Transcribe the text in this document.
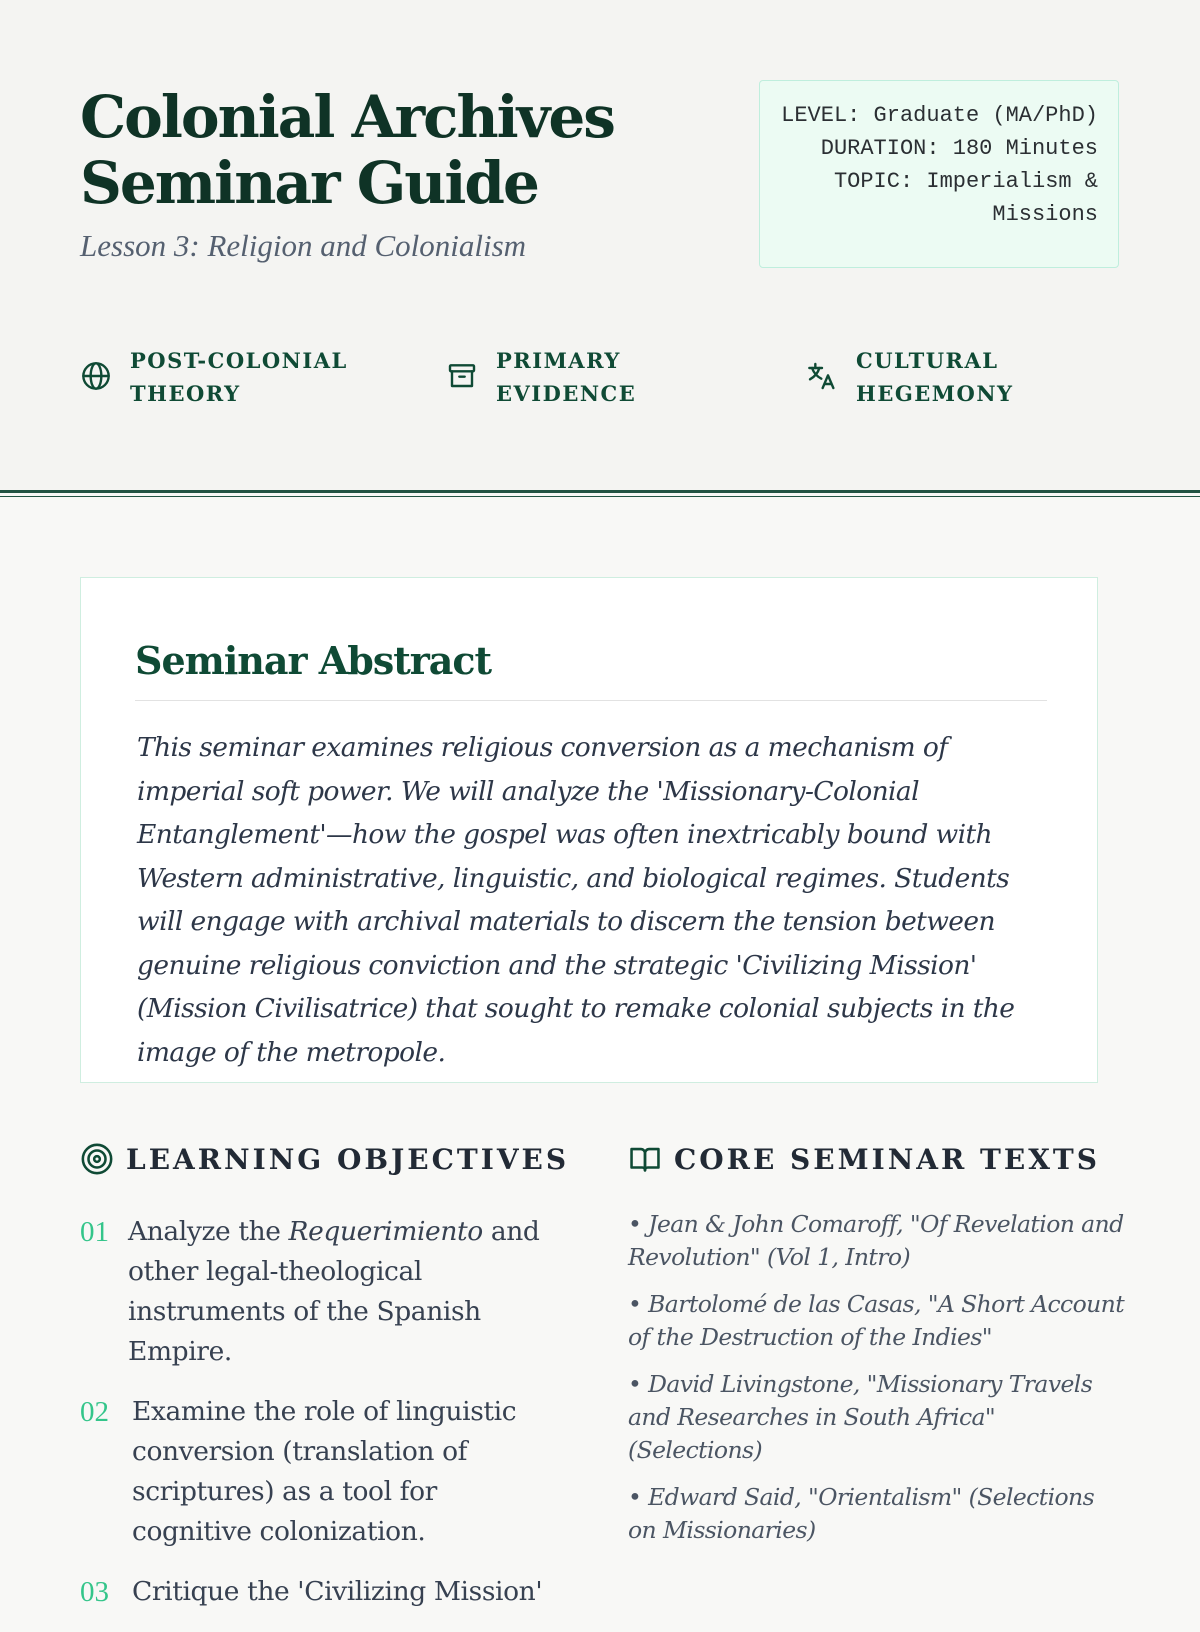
Colonial Archives
Seminar Guide
Lesson 3: Religion and Colonialism
LEVEL: Graduate (MA/PhD)
DURATION: 180 Minutes
TOPIC: Imperialism & Missions
POST-COLONIAL THEORY
PRIMARY EVIDENCE
CULTURAL HEGEMONY
Seminar Abstract

This seminar examines religious conversion as a mechanism of imperial soft power. We will analyze the 'Missionary-Colonial Entanglement'—how the gospel was often inextricably bound with Western administrative, linguistic, and biological regimes. Students will engage with archival materials to discern the tension between genuine religious conviction and the strategic 'Civilizing Mission' (Mission Civilisatrice) that sought to remake colonial subjects in the image of the metropole.

LEARNING OBJECTIVES
01 Analyze the Requerimiento and other legal-theological instruments of the Spanish Empire.
02 Examine the role of linguistic conversion (translation of scriptures) as a tool for cognitive colonization.
03 Critique the 'Civilizing Mission'
CORE SEMINAR TEXTS
• Jean & John Comaroff, "Of Revelation and Revolution" (Vol 1, Intro)
• Bartolomé de las Casas, "A Short Account of the Destruction of the Indies"
• David Livingstone, "Missionary Travels and Researches in South Africa" (Selections)
• Edward Said, "Orientalism" (Selections on Missionaries)
